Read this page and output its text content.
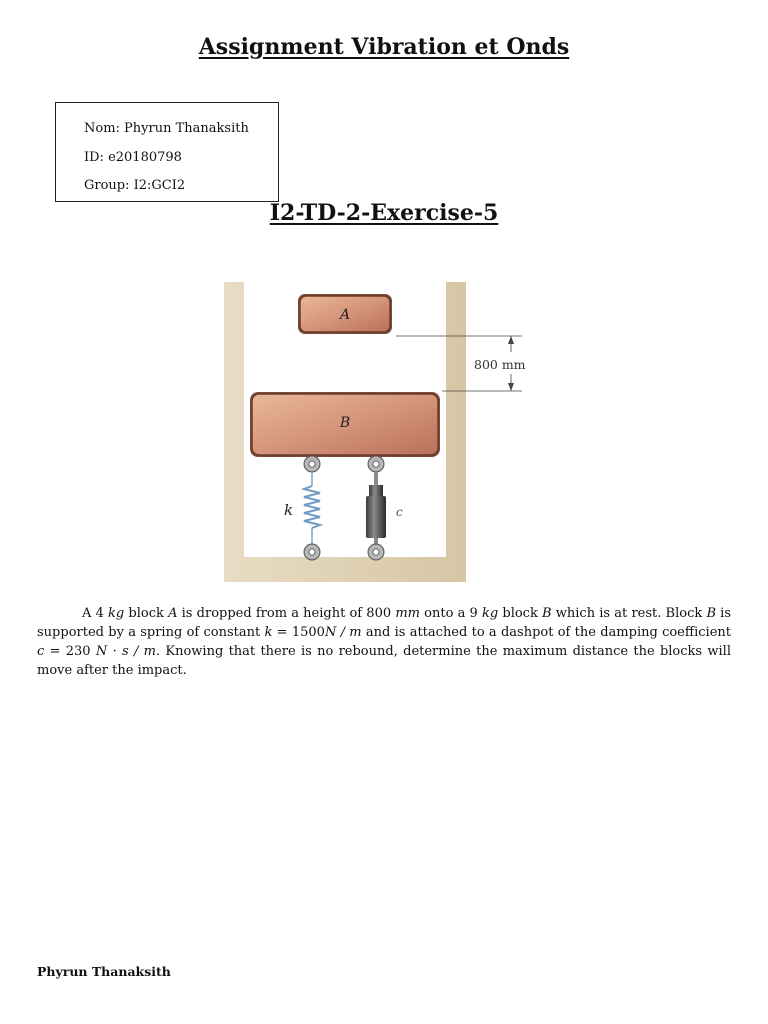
Assignment Vibration et Onds
Nom: Phyrun Thanaksith
ID: e20180798
Group: I2:GCI2
I2-TD-2-Exercise-5
A
B
800 mm
k	c

A 4 kg block A is dropped from a height of 800 mm onto a 9 kg block B which is at rest. Block B is supported by a spring of constant k = 1500N / m and is attached to a dashpot of the damping coefficient c = 230 N · s / m. Knowing that there is no rebound, determine the maximum distance the blocks will move after the impact.

Phyrun Thanaksith
